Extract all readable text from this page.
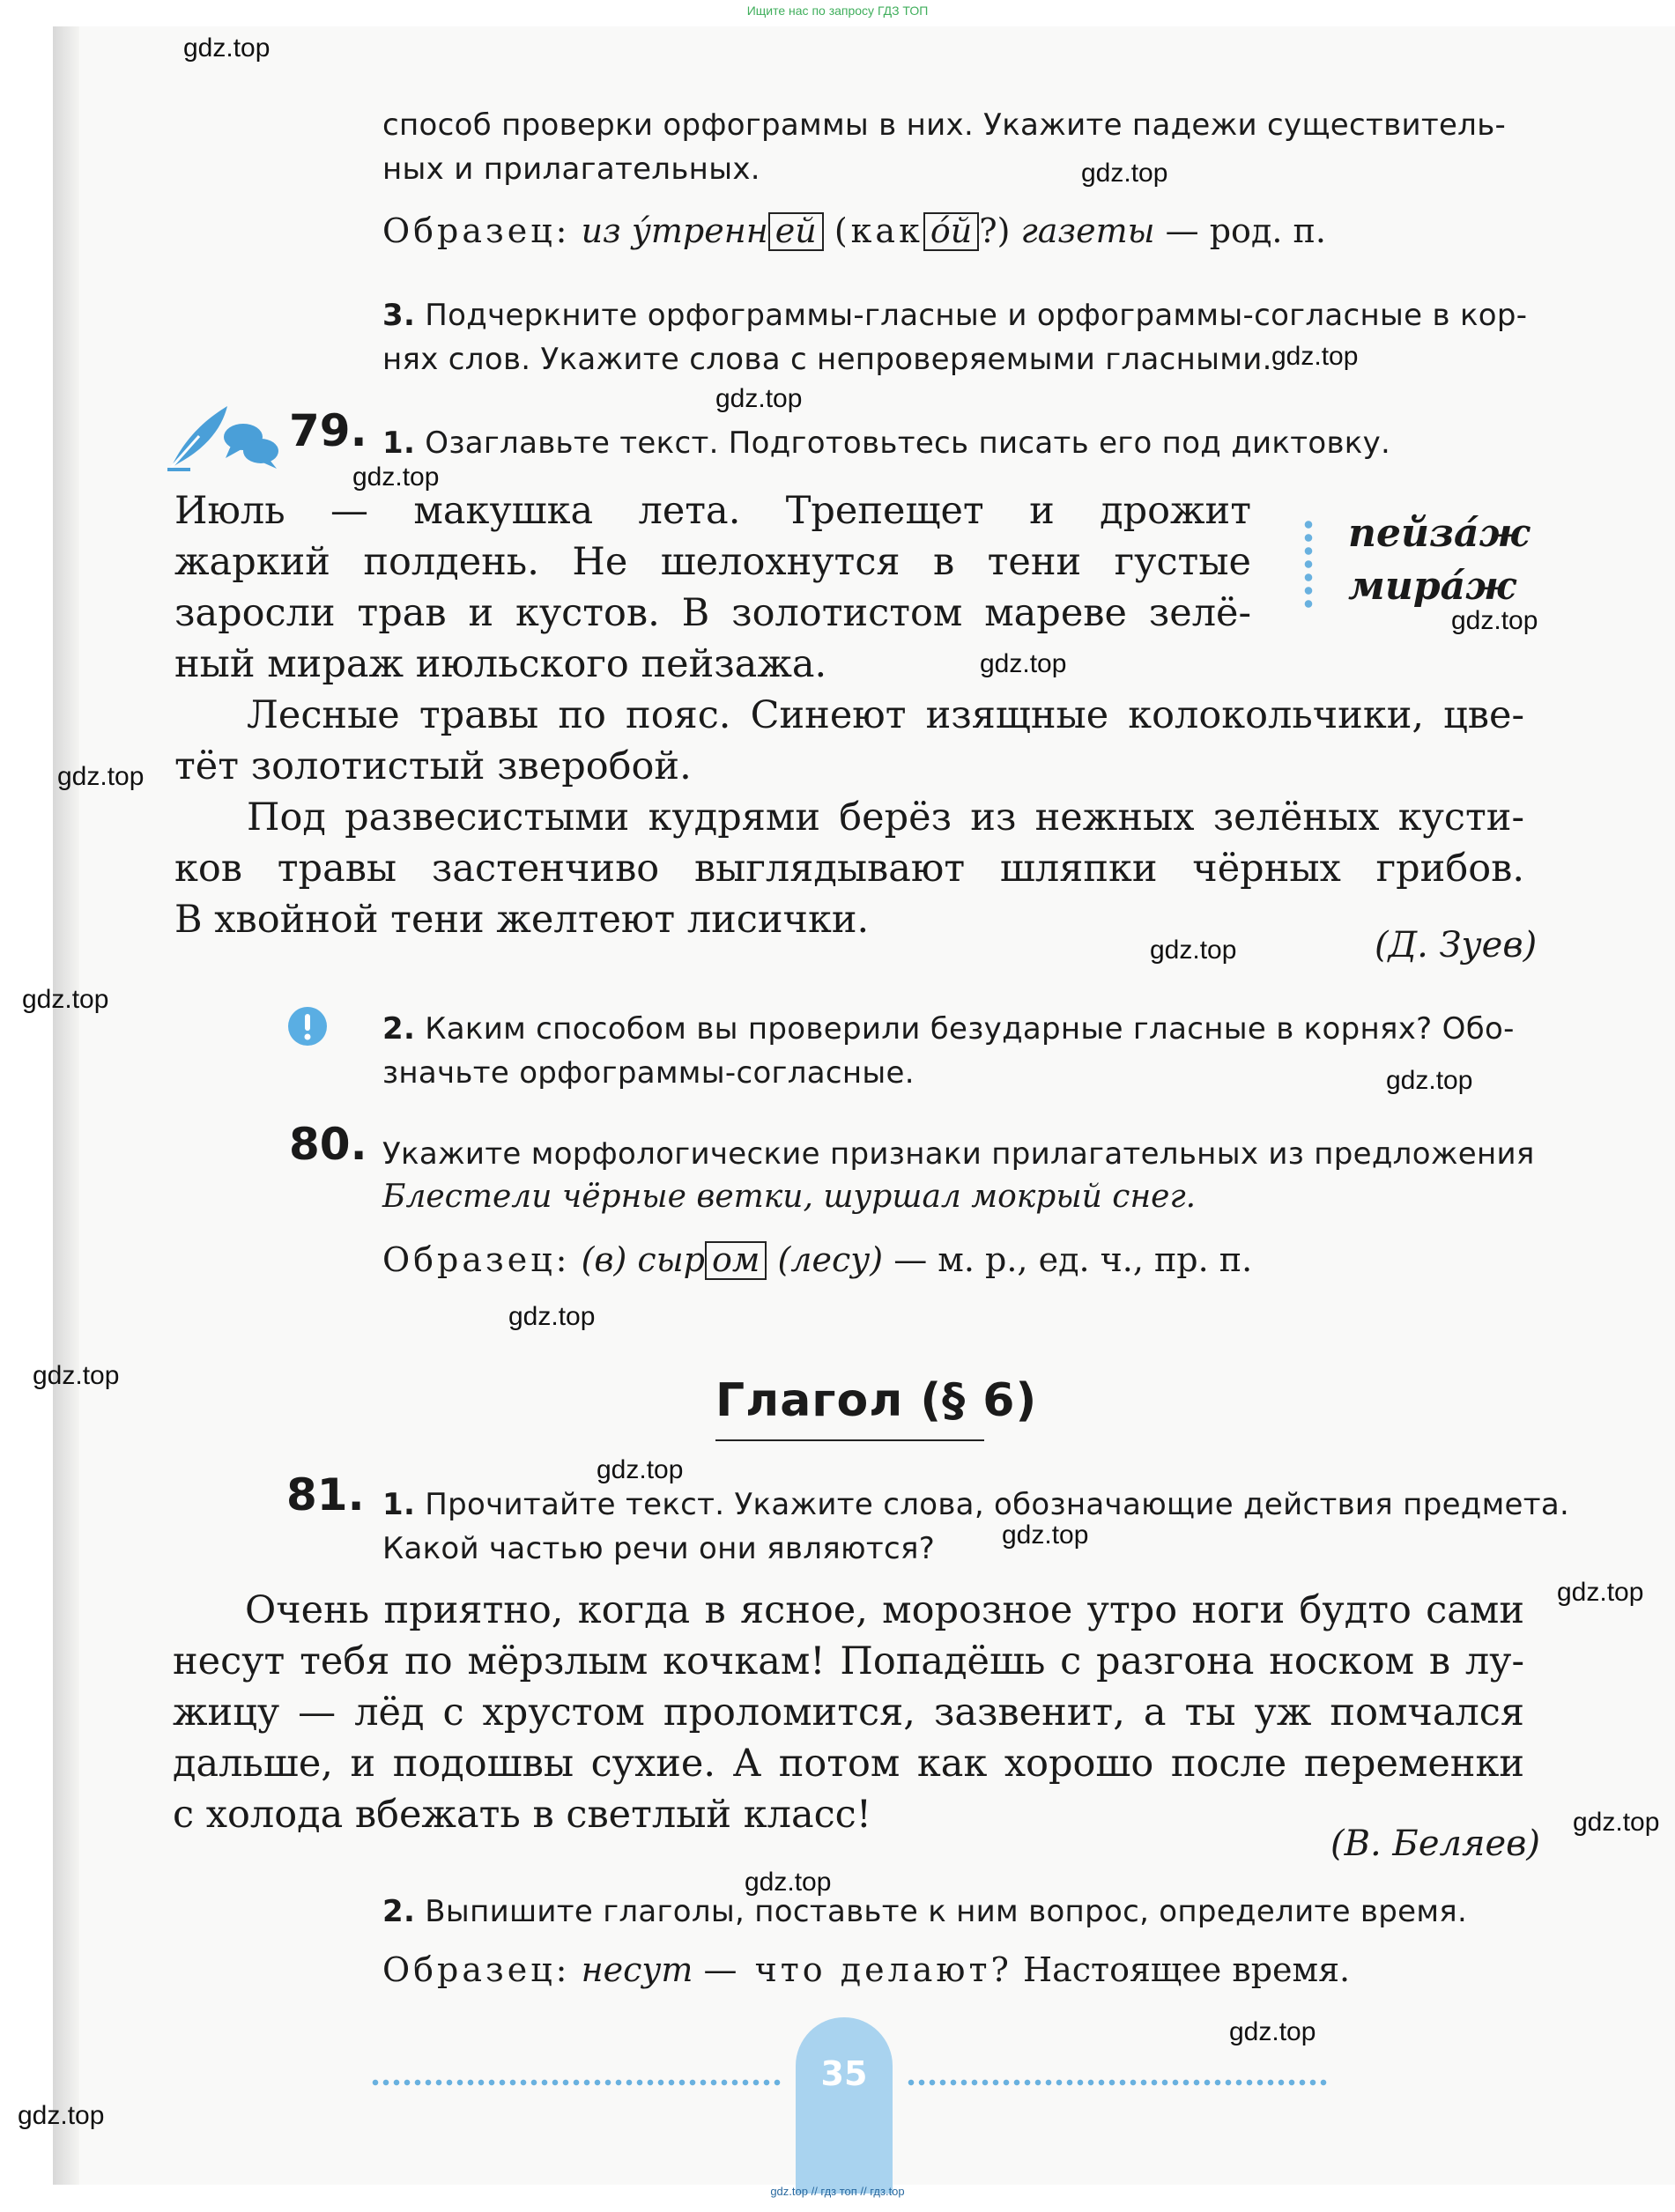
Ищите нас по запросу ГДЗ ТОП
gdz.top
gdz.top
gdz.top
gdz.top
gdz.top
gdz.top
gdz.top
gdz.top
gdz.top
gdz.top
gdz.top
gdz.top
gdz.top
gdz.top
gdz.top
gdz.top
gdz.top
gdz.top
gdz.top
gdz.top
способ проверки орфограммы в них. Укажите падежи существитель-
ных и прилагательных.
Образец: из у́тренн ей (как о́й ?) газеты — род. п.
3. Подчеркните орфограммы-гласные и орфограммы-согласные в кор-
нях слов. Укажите слова с непроверяемыми гласными.
79. 1. Озаглавьте текст. Подготовьтесь писать его под диктовку.
Июль — макушка лета. Трепещет и дрожит
жаркий полдень. Не шелохнутся в тени густые
заросли трав и кустов. В золотистом мареве зелё-
ный мираж июльского пейзажа.
Лесные травы по пояс. Синеют изящные колокольчики, цве-
тёт золотистый зверобой.
Под развесистыми кудрями берёз из нежных зелёных кусти-
ков травы застенчиво выглядывают шляпки чёрных грибов.
В хвойной тени желтеют лисички.
(Д. Зуев)
пейза́ж
мира́ж
2. Каким способом вы проверили безударные гласные в корнях? Обо-
значьте орфограммы-согласные.
80. Укажите морфологические признаки прилагательных из предложения
Блестели чёрные ветки, шуршал мокрый снег.
Образец: (в) сыр ом (лесу) — м. р., ед. ч., пр. п.
Глагол (§ 6)
81. 1. Прочитайте текст. Укажите слова, обозначающие действия предмета.
Какой частью речи они являются?
Очень приятно, когда в ясное, морозное утро ноги будто сами
несут тебя по мёрзлым кочкам! Попадёшь с разгона носком в лу-
жицу — лёд с хрустом проломится, зазвенит, а ты уж помчался
дальше, и подошвы сухие. А потом как хорошо после переменки
с холода вбежать в светлый класс!
(В. Беляев)
2. Выпишите глаголы, поставьте к ним вопрос, определите время.
Образец: несут — что делают? Настоящее время.
35
gdz.top // гдз топ // гдз.top
